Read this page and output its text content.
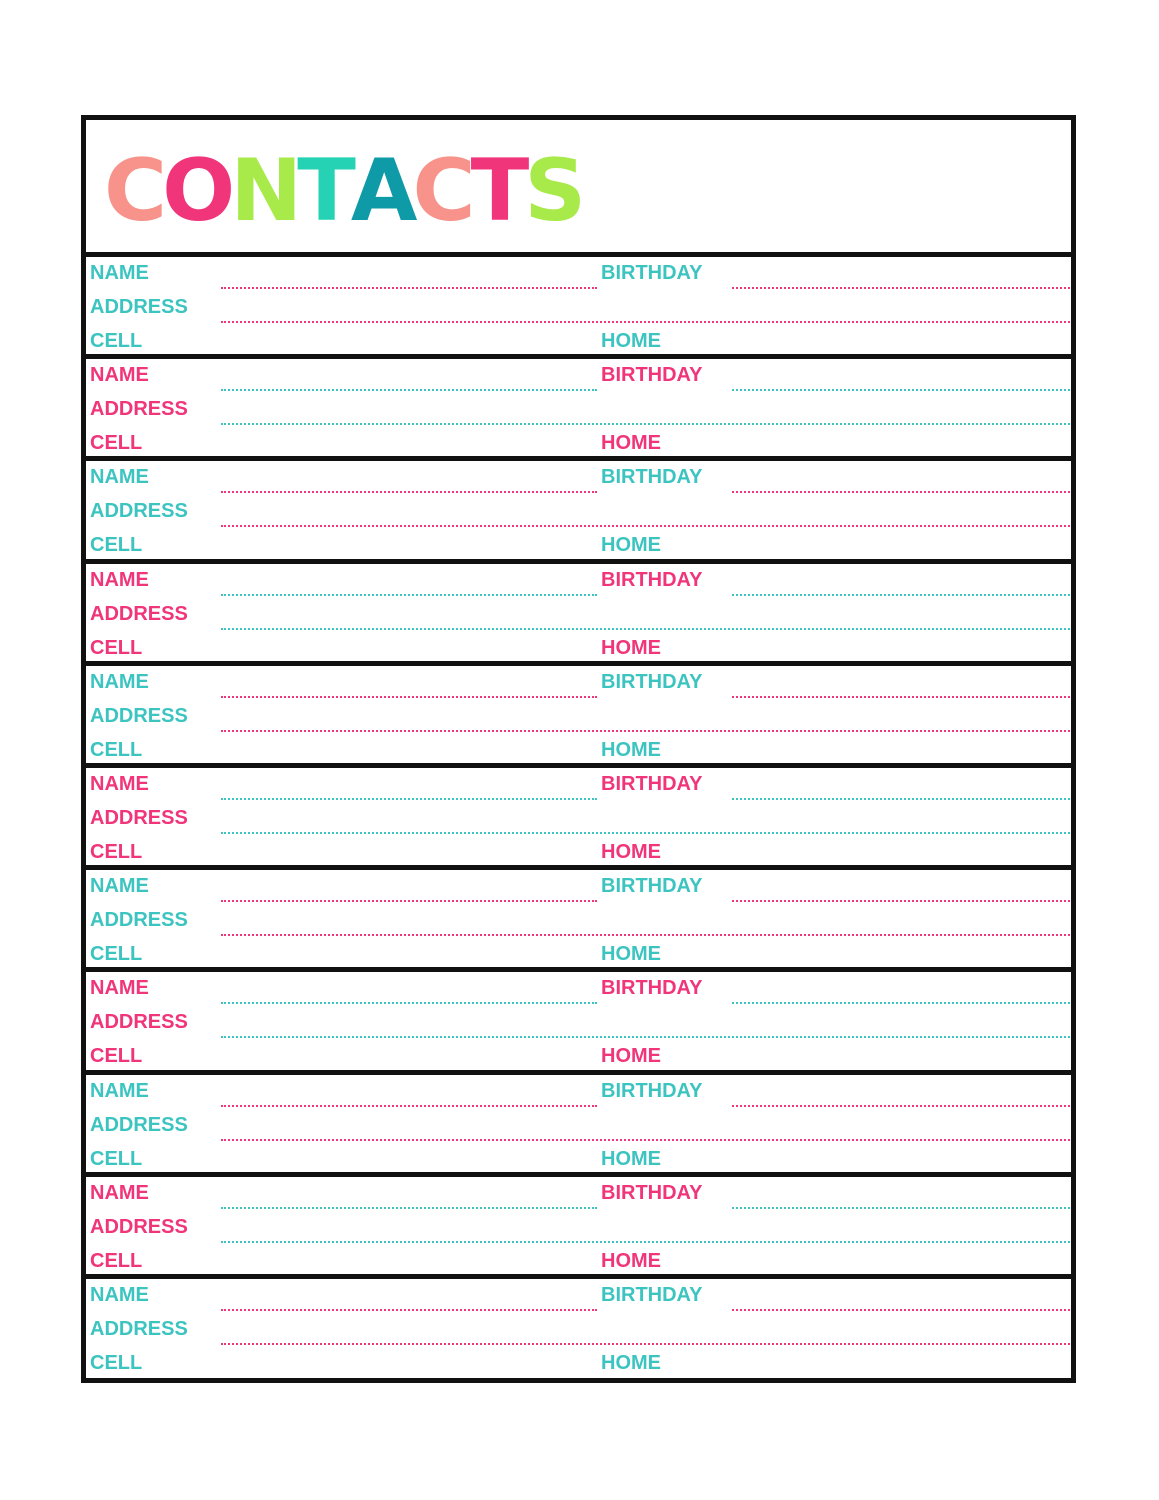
CONTACTS
NAME	BIRTHDAY
ADDRESS
CELL	HOME
NAME	BIRTHDAY
ADDRESS
CELL	HOME
NAME	BIRTHDAY
ADDRESS
CELL	HOME
NAME	BIRTHDAY
ADDRESS
CELL	HOME
NAME	BIRTHDAY
ADDRESS
CELL	HOME
NAME	BIRTHDAY
ADDRESS
CELL	HOME
NAME	BIRTHDAY
ADDRESS
CELL	HOME
NAME	BIRTHDAY
ADDRESS
CELL	HOME
NAME	BIRTHDAY
ADDRESS
CELL	HOME
NAME	BIRTHDAY
ADDRESS
CELL	HOME
NAME	BIRTHDAY
ADDRESS
CELL	HOME
